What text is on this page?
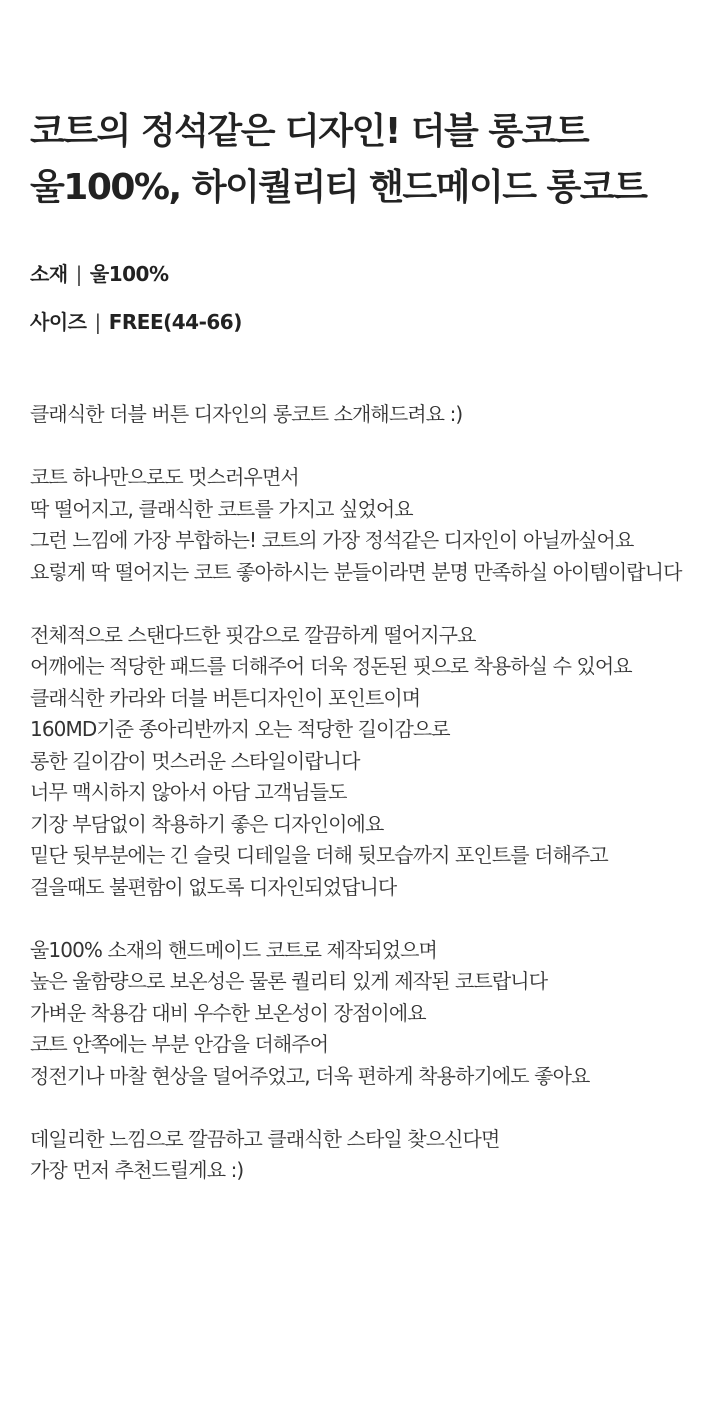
코트의 정석같은 디자인! 더블 롱코트
울100%, 하이퀄리티 핸드메이드 롱코트
소재 | 울100%
사이즈 | FREE(44-66)

클래식한 더블 버튼 디자인의 롱코트 소개해드려요 :)

코트 하나만으로도 멋스러우면서
딱 떨어지고, 클래식한 코트를 가지고 싶었어요
그런 느낌에 가장 부합하는! 코트의 가장 정석같은 디자인이 아닐까싶어요
요렇게 딱 떨어지는 코트 좋아하시는 분들이라면 분명 만족하실 아이템이랍니다

전체적으로 스탠다드한 핏감으로 깔끔하게 떨어지구요
어깨에는 적당한 패드를 더해주어 더욱 정돈된 핏으로 착용하실 수 있어요
클래식한 카라와 더블 버튼디자인이 포인트이며
160MD기준 종아리반까지 오는 적당한 길이감으로
롱한 길이감이 멋스러운 스타일이랍니다
너무 맥시하지 않아서 아담 고객님들도
기장 부담없이 착용하기 좋은 디자인이에요
밑단 뒷부분에는 긴 슬릿 디테일을 더해 뒷모습까지 포인트를 더해주고
걸을때도 불편함이 없도록 디자인되었답니다

울100% 소재의 핸드메이드 코트로 제작되었으며
높은 울함량으로 보온성은 물론 퀄리티 있게 제작된 코트랍니다
가벼운 착용감 대비 우수한 보온성이 장점이에요
코트 안쪽에는 부분 안감을 더해주어
정전기나 마찰 현상을 덜어주었고, 더욱 편하게 착용하기에도 좋아요

데일리한 느낌으로 깔끔하고 클래식한 스타일 찾으신다면
가장 먼저 추천드릴게요 :)
